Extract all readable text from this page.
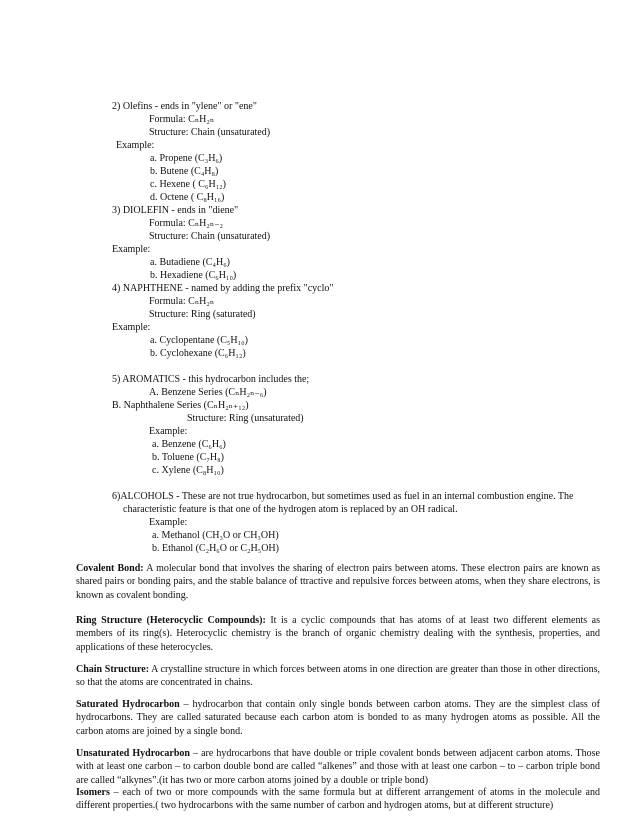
2) Olefins - ends in "ylene" or "ene"
Formula: CₙH₂ₙ
Structure: Chain (unsaturated)
Example:
a. Propene (C₃H₆)
b. Butene (C₄H₈)
c. Hexene ( C₆H₁₂)
d. Octene ( C₈H₁₆)
3) DIOLEFIN - ends in "diene"
Formula: CₙH₂ₙ₋₂
Structure: Chain (unsaturated)
Example:
a. Butadiene (C₄H₆)
b. Hexadiene (C₆H₁₀)
4) NAPHTHENE - named by adding the prefix "cyclo"
Formula: CₙH₂ₙ
Structure: Ring (saturated)
Example:
a. Cyclopentane (C₅H₁₀)
b. Cyclohexane (C₆H₁₂)
5) AROMATICS - this hydrocarbon includes the;
A. Benzene Series (CₙH₂ₙ₋₆)
B. Naphthalene Series (CₙH₂ₙ₊₁₂)
Structure: Ring (unsaturated)
Example:
a. Benzene (C₆H₆)
b. Toluene (C₇H₈)
c. Xylene (C₈H₁₀)
6)ALCOHOLS - These are not true hydrocarbon, but sometimes used as fuel in an internal combustion engine. The
characteristic feature is that one of the hydrogen atom is replaced by an OH radical.
Example:
a. Methanol (CH₃O or CH₃OH)
b. Ethanol (C₂H₆O or C₂H₅OH)
Covalent Bond: A molecular bond that involves the sharing of electron pairs between atoms. These electron pairs are known as shared pairs or bonding pairs, and the stable balance of ttractive and repulsive forces between atoms, when they share electrons, is known as covalent bonding.
Ring Structure (Heterocyclic Compounds): It is a cyclic compounds that has atoms of at least two different elements as members of its ring(s). Heterocyclic chemistry is the branch of organic chemistry dealing with the synthesis, properties, and applications of these heterocycles.
Chain Structure: A crystalline structure in which forces between atoms in one direction are greater than those in other directions, so that the atoms are concentrated in chains.
Saturated Hydrocarbon – hydrocarbon that contain only single bonds between carbon atoms. They are the simplest class of hydrocarbons. They are called saturated because each carbon atom is bonded to as many hydrogen atoms as possible. All the carbon atoms are joined by a single bond.
Unsaturated Hydrocarbon – are hydrocarbons that have double or triple covalent bonds between adjacent carbon atoms. Those with at least one carbon – to carbon double bond are called “alkenes” and those with at least one carbon – to – carbon triple bond are called “alkynes”.(it has two or more carbon atoms joined by a double or triple bond)
Isomers – each of two or more compounds with the same formula but at different arrangement of atoms in the molecule and different properties.( two hydrocarbons with the same number of carbon and hydrogen atoms, but at different structure)
